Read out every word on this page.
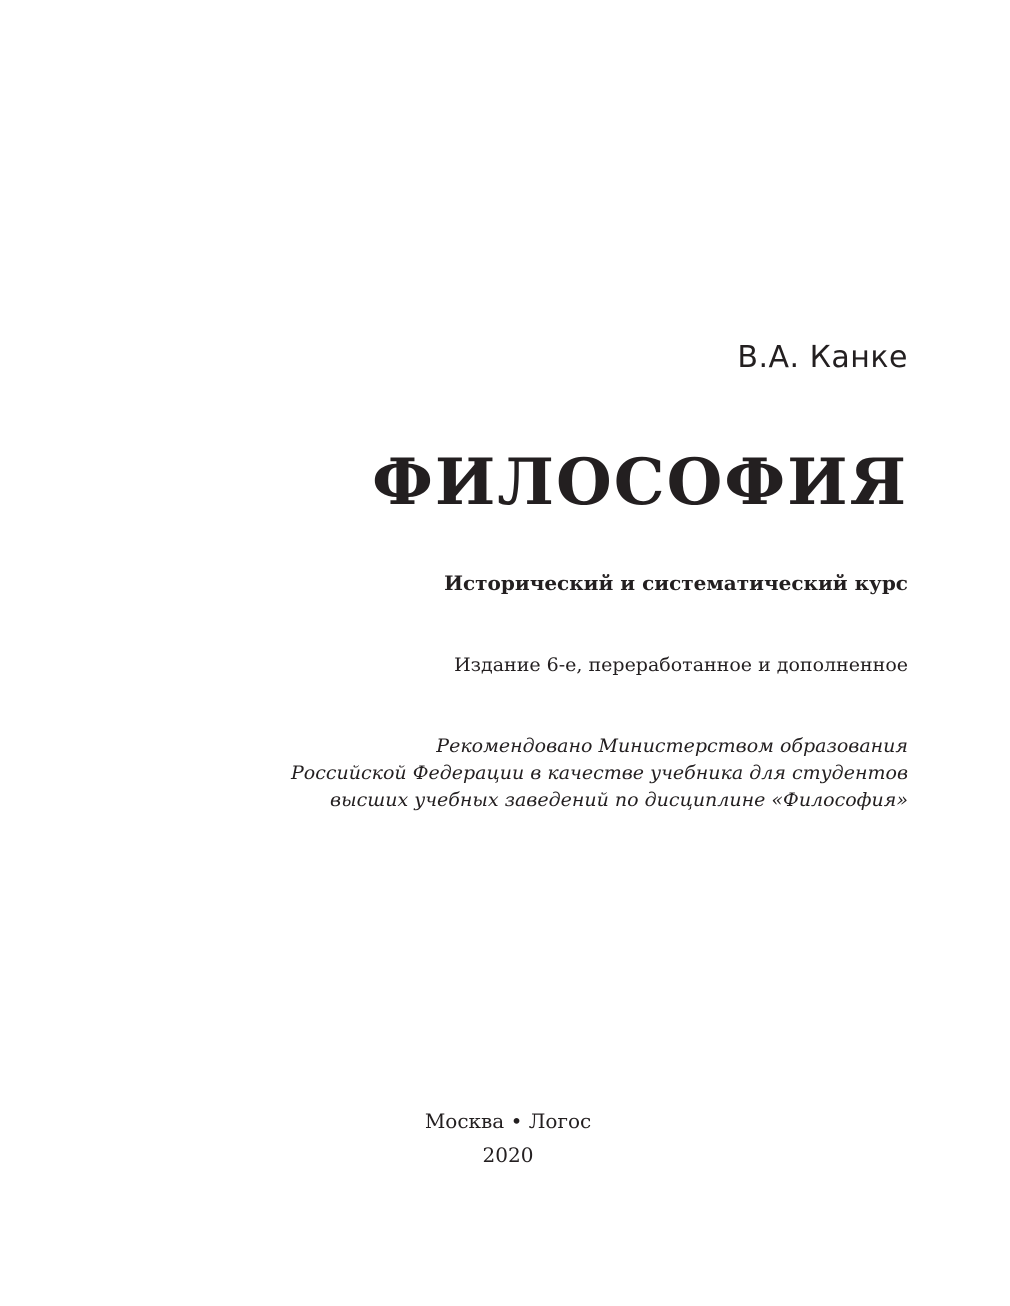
В.А. Канке
ФИЛОСОФИЯ
Исторический и систематический курс
Издание 6-е, переработанное и дополненное
Рекомендовано Министерством образования
Российской Федерации в качестве учебника для студентов
высших учебных заведений по дисциплине «Философия»
Москва • Логос
2020
